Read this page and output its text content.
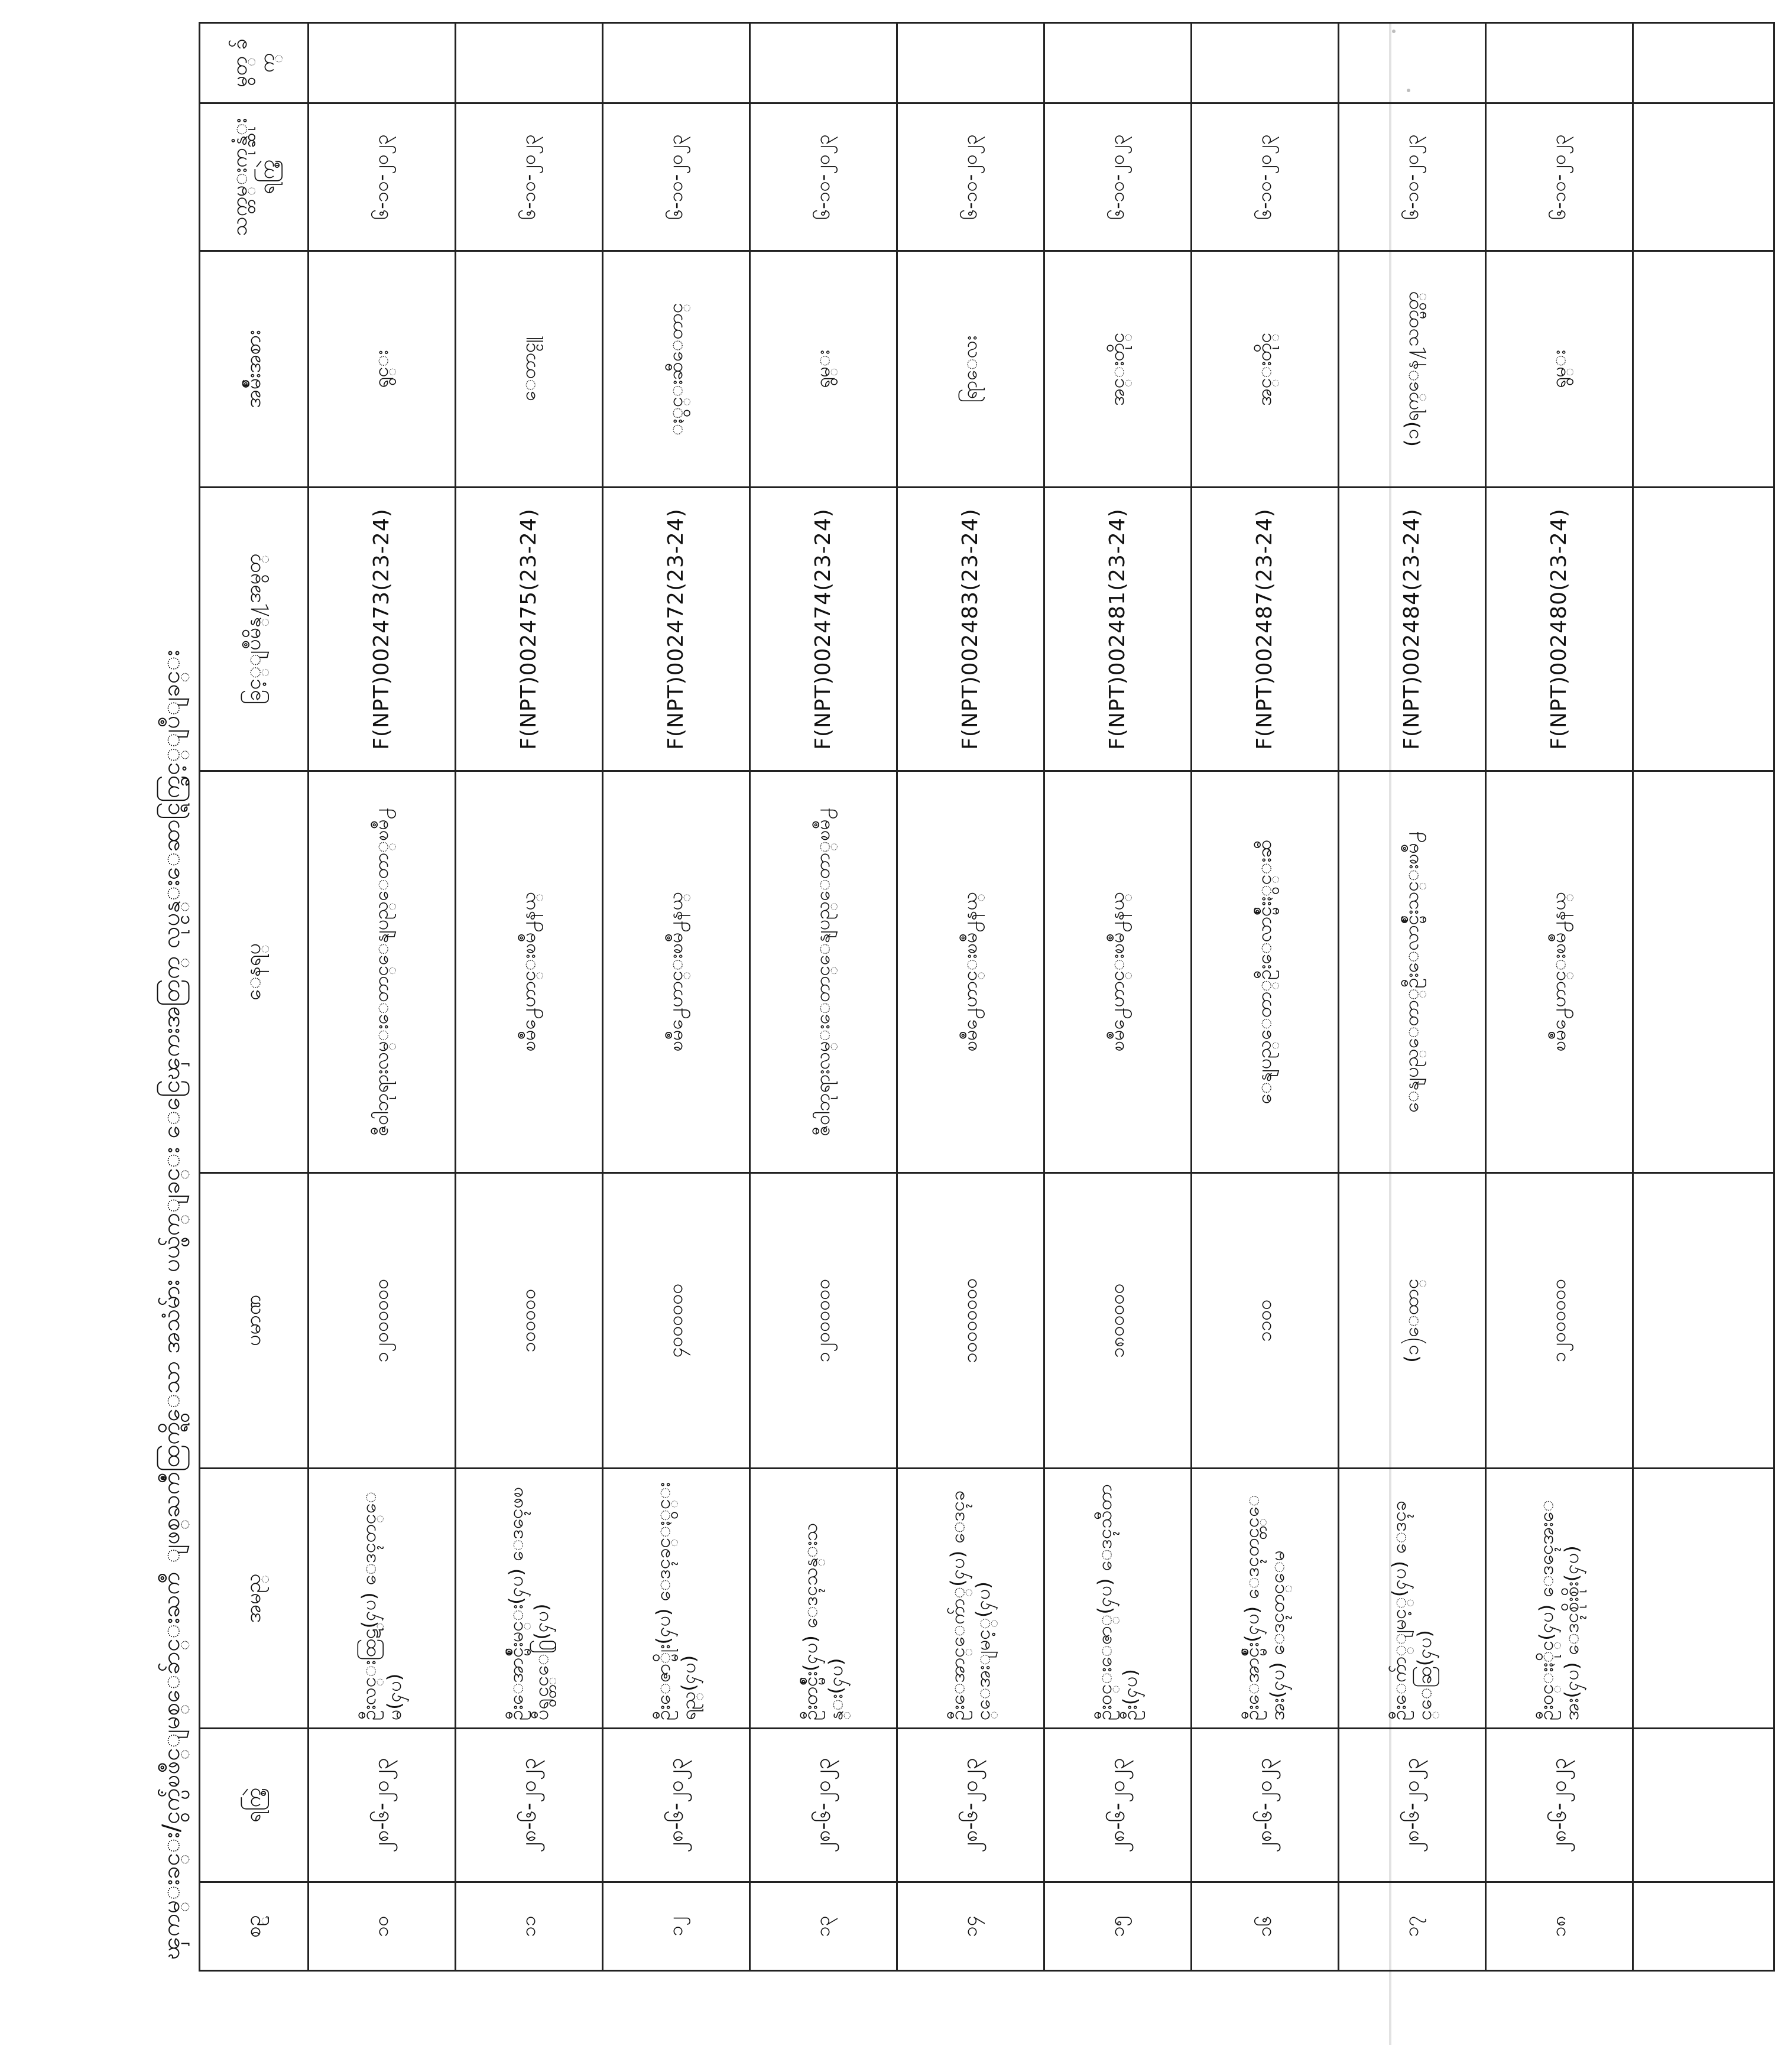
ၾကမ္းခင္း/ငွက္ပ်ံၿဖိဳင္ျမစ္ေခ်ာင္းႀကိဳ ျဖစ္ႀကဳံထြက္ရွိေသာ အသံမ်ား ပယ္ဖ်က္ျခင္း ေငြေၾကးအတြက္ လုပ္ငန္းေဆာင္ရြက္ခြင့္ျပဳျခင္း	စဥ္	ရက္စြဲ	အမည္	ပမာဏ	ေနရပ္	ခြင့္ျပဳမိန္႔အမွတ္	အမ်ိဳးအစား	သက္တမ္းကုန္ဆံုး ရက္စြဲ	မွတ္ ခ်က္
၁၀	၂၈-၆-၂၀၂၃	ဦးလင္းထြဋ္(ႁပ) ေဒၚတင္ေမ(ႁပ)	၁၂၀ဝ၀၀၀၀	ဇီဝါဘုရားလမ္းေတာင္ေနျပည္ေတာ္ၿမိဳ႕	F(NPT)002473(23-24)	ရွင္း	၆-၁၀-၂၀၂၃	
၁၁	၂၈-၆-၂၀၂၃	ဦးေအာင္မ်ိဳးမင္း(ႁပ) ေဒၚေဖၿပီရွင္တင္ေ႐ြ(ႁပ)	၁၀၀၀၀၀	ၿမိဳ႕ေဟာင္းၿမိဳ႕နယ္	F(NPT)002475(23-24)	ေတာင္ငူ	၆-၁၀-၂၀၂၃	
၁၂	၂၈-၆-၂၀၂၃	ဦးေဇာ္မိုး(ႁပ) ေဒၚခင္ႏွင္းရည္(ႁပ)	၄၀၀၀၀၀၀	ၿမိဳ႕ေဟာင္းၿမိဳ႕နယ္	F(NPT)002472(23-24)	ႏွင္းဆီေတာင္	၆-၁၀-၂၀၂၃	
၁၃	၂၈-၆-၂၀၂၃	ဦးတင္မ်ိဳး(ႁပ) ေဒၚသန္းသန္း(ႁပ)	၁၂၀၀၀၀၀၀	ဇီဝါဘုရားလမ္းေတာင္ေနျပည္ေတာ္ၿမိဳ႕	F(NPT)002474(23-24)	ရွမ္း	၆-၁၀-၂၀၂၃	
၁၄	၂၈-၆-၂၀၂၃	ဦးေအာင္ေက်ာ္(ႁပ) ေဒၚခင္ေအးျမင့္(ႁပ)	၁၀၀၀၀၀၀၀	ၿမိဳ႕ေဟာင္းၿမိဳ႕နယ္	F(NPT)002483(23-24)	ရြာေလး	၆-၁၀-၂၀၂၃	
၁၅	၂၈-၆-၂၀၂၃	ဦးဝင္းေဇာ္(ႁပ) ေဒၚသီတာဦး(ႁပ)	၁၈၀၀၀၀၀	ၿမိဳ႕ေဟာင္းၿမိဳ႕နယ္	F(NPT)002481(23-24)	အင္းတိုင္	၆-၁၀-၂၀၂၃	
၁၆	၂၈-၆-၂၀၂၃	ဦးေအာင္မ်ိဳး(ႁပ) ေဒၚတင္တင္ေအး(ႁပ) ေဒၚတင္ေမ	၁၁၀၀	ေနျပည္ေတာ္ဦးေလာင္မ်ိဳးႏွင္းဆီ	F(NPT)002487(23-24)	အင္းတိုင္	၆-၁၀-၂၀၂၃	
၁၇	၂၈-၆-၂၀၂၃	ဦးေက်ာ္ျမင့္(ႁပ) ေဒၚခင္ေဆြ(ႁပ)	(၁)ေထာင္	ေနျပည္ေတာ္ဦးေလာင္မ်ိဳးသင္းၿမိဳ႕	F(NPT)002484(23-24)	(၁)ရက္ေန႔သတ္မွတ္	၆-၁၀-၂၀၂၃	
၁၈	၂၈-၆-၂၀၂၃	ဦးဝင္းႏိုင္(ႁပ) ေဒၚေအးေအး(ႁပ) ေဒၚစိုးစိုး(ႁပ)	၁၂၀၀၀၀၀၀	ၿမိဳ႕ေဟာင္းၿမိဳ႕နယ္	F(NPT)002480(23-24)	ရွမ္း	၆-၁၀-၂၀၂၃	
